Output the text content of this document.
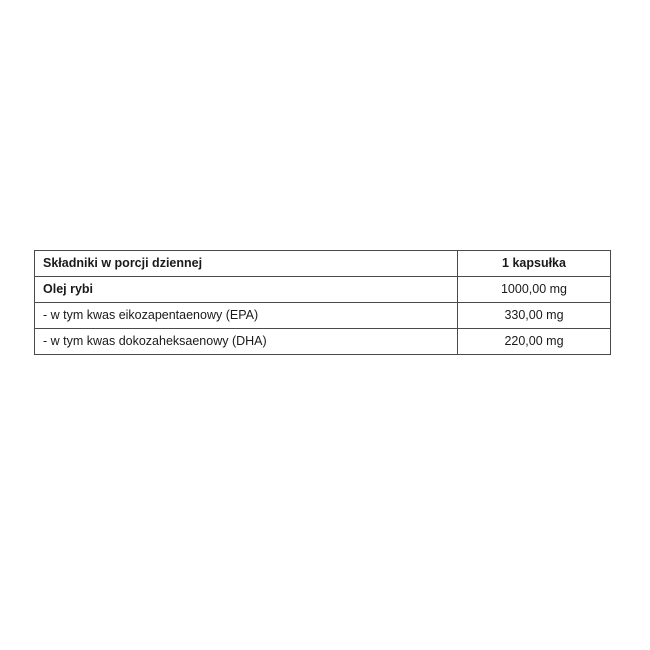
Składniki w porcji dziennej	1 kapsułka
Olej rybi	1000,00 mg
- w tym kwas eikozapentaenowy (EPA)	330,00 mg
- w tym kwas dokozaheksaenowy (DHA)	220,00 mg
